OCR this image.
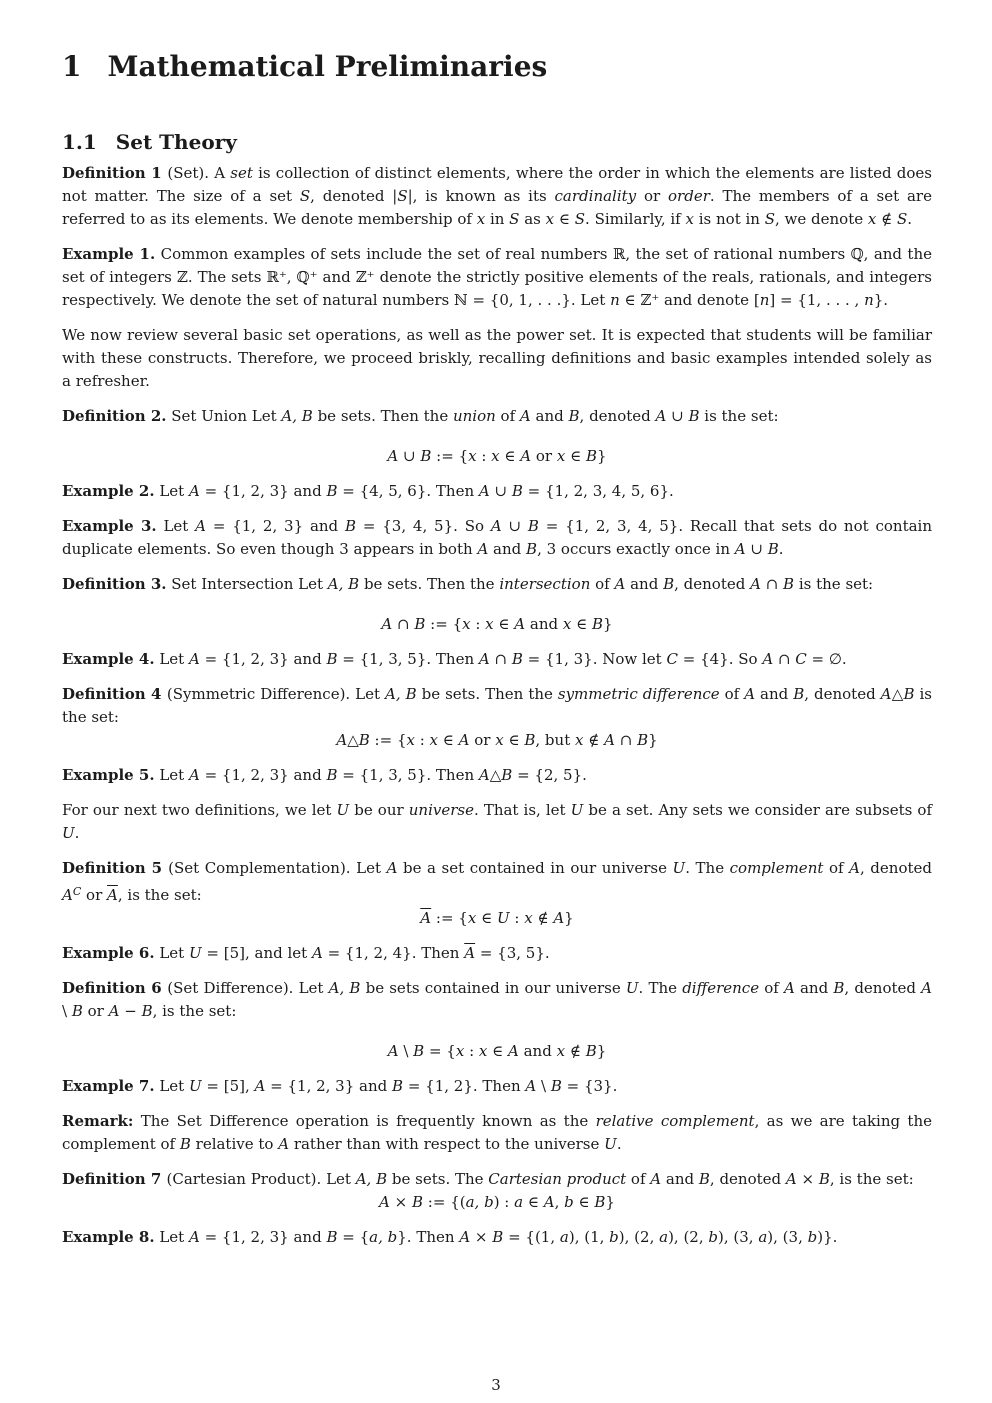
1 Mathematical Preliminaries
1.1 Set Theory

Definition 1 (Set). A set is collection of distinct elements, where the order in which the elements are listed does not matter. The size of a set S, denoted |S|, is known as its cardinality or order. The members of a set are referred to as its elements. We denote membership of x in S as x ∈ S. Similarly, if x is not in S, we denote x ∉ S.

Example 1. Common examples of sets include the set of real numbers ℝ, the set of rational numbers ℚ, and the set of integers ℤ. The sets ℝ⁺, ℚ⁺ and ℤ⁺ denote the strictly positive elements of the reals, rationals, and integers respectively. We denote the set of natural numbers ℕ = {0, 1, . . .}. Let n ∈ ℤ⁺ and denote [n] = {1, . . . , n}.

We now review several basic set operations, as well as the power set. It is expected that students will be familiar with these constructs. Therefore, we proceed briskly, recalling definitions and basic examples intended solely as a refresher.

Definition 2. Set Union Let A, B be sets. Then the union of A and B, denoted A ∪ B is the set:

A ∪ B := {x : x ∈ A or x ∈ B}

Example 2. Let A = {1, 2, 3} and B = {4, 5, 6}. Then A ∪ B = {1, 2, 3, 4, 5, 6}.

Example 3. Let A = {1, 2, 3} and B = {3, 4, 5}. So A ∪ B = {1, 2, 3, 4, 5}. Recall that sets do not contain duplicate elements. So even though 3 appears in both A and B, 3 occurs exactly once in A ∪ B.

Definition 3. Set Intersection Let A, B be sets. Then the intersection of A and B, denoted A ∩ B is the set:

A ∩ B := {x : x ∈ A and x ∈ B}

Example 4. Let A = {1, 2, 3} and B = {1, 3, 5}. Then A ∩ B = {1, 3}. Now let C = {4}. So A ∩ C = ∅.

Definition 4 (Symmetric Difference). Let A, B be sets. Then the symmetric difference of A and B, denoted A△B is the set:

A△B := {x : x ∈ A or x ∈ B, but x ∉ A ∩ B}

Example 5. Let A = {1, 2, 3} and B = {1, 3, 5}. Then A△B = {2, 5}.

For our next two definitions, we let U be our universe. That is, let U be a set. Any sets we consider are subsets of U.

Definition 5 (Set Complementation). Let A be a set contained in our universe U. The complement of A, denoted $A^C$ or $\overline{A}$, is the set:

$\overline{A}$ := {x ∈ U : x ∉ A}

Example 6. Let U = [5], and let A = {1, 2, 4}. Then $\overline{A} = \{3$, 5}.

Definition 6 (Set Difference). Let A, B be sets contained in our universe U. The difference of A and B, denoted A \ B or A − B, is the set:

A \ B = {x : x ∈ A and x ∉ B}

Example 7. Let U = [5], A = {1, 2, 3} and B = {1, 2}. Then A \ B = {3}.

Remark: The Set Difference operation is frequently known as the relative complement, as we are taking the complement of B relative to A rather than with respect to the universe U.

Definition 7 (Cartesian Product). Let A, B be sets. The Cartesian product of A and B, denoted A × B, is the set:

A × B := {(a, b) : a ∈ A, b ∈ B}

Example 8. Let A = {1, 2, 3} and B = {a, b}. Then A × B = {(1, a), (1, b), (2, a), (2, b), (3, a), (3, b)}.

3
